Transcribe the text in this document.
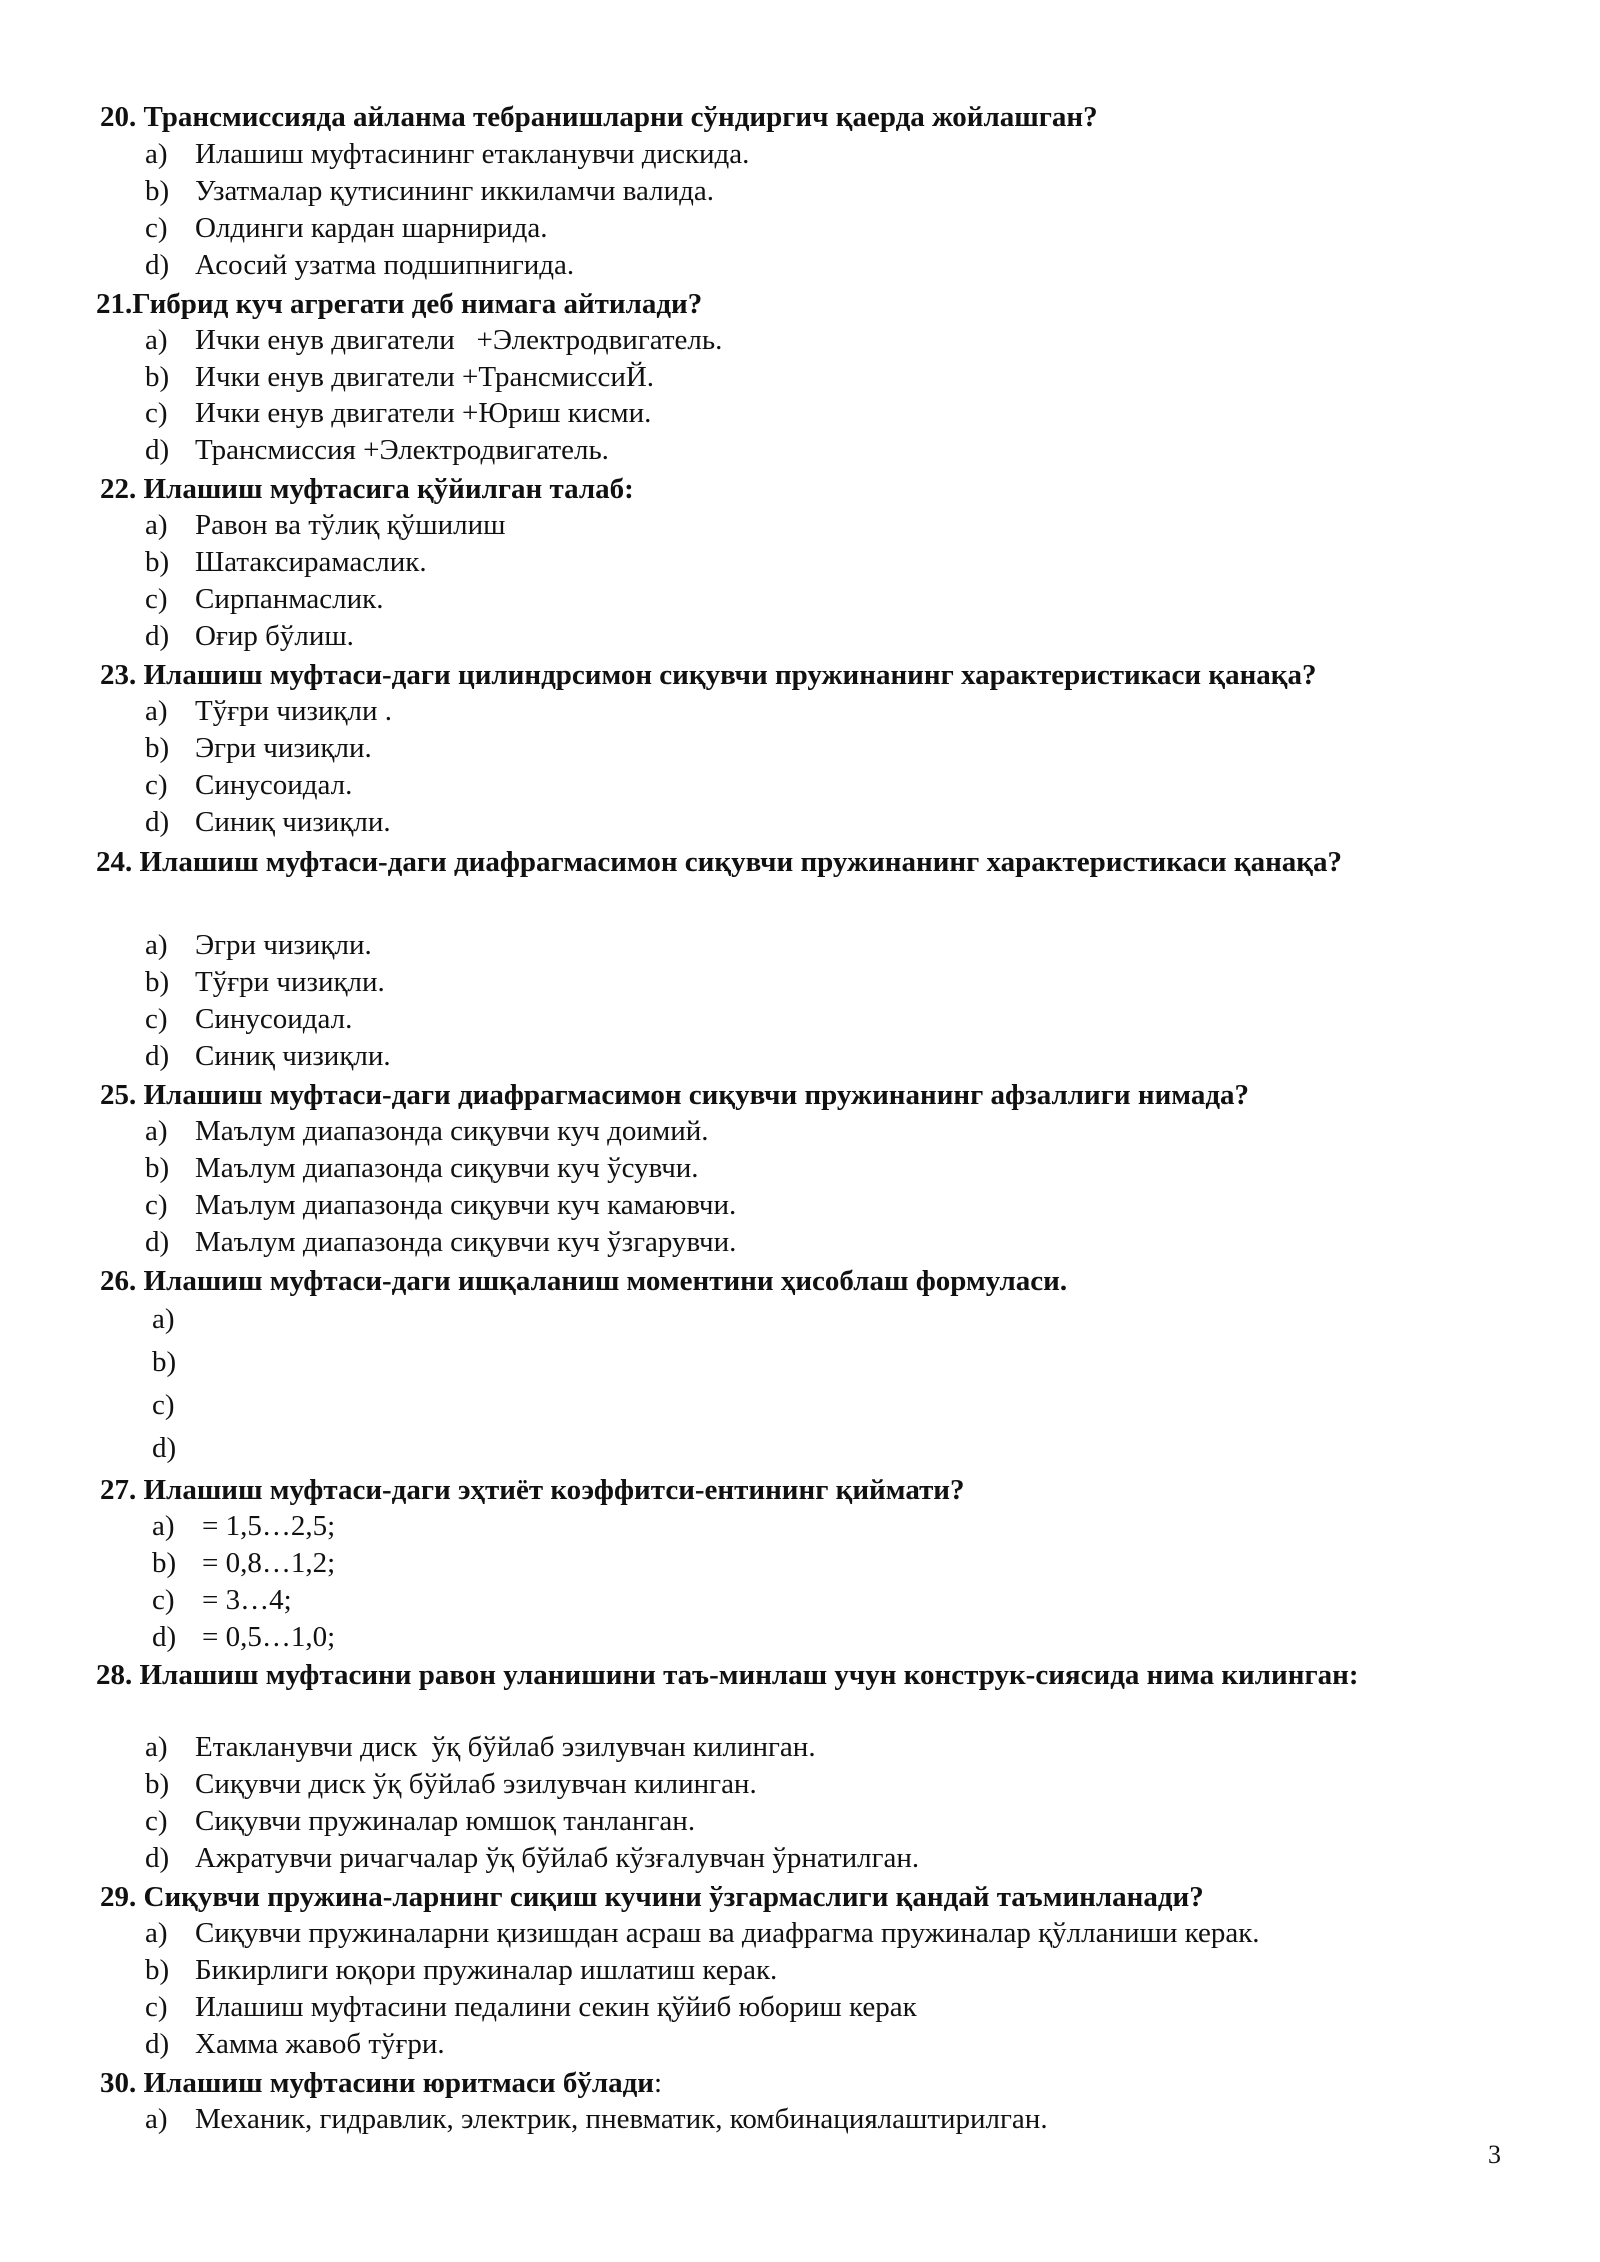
20. Трансмиссияда айланма тебранишларни сўндиргич қаерда жойлашган?
a) Илашиш муфтасининг етакланувчи дискида.
b) Узатмалар қутисининг иккиламчи валида.
c) Олдинги кардан шарнирида.
d) Асосий узатма подшипнигида.
21.Гибрид куч агрегати деб нимага айтилади?
a) Ички енув двигатели   +Электродвигатель.
b) Ички енув двигатели +ТрансмиссиЙ.
c) Ички енув двигатели +Юриш кисми.
d) Трансмиссия +Электродвигатель.
22. Илашиш муфтасига қўйилган талаб:
a) Равон ва тўлиқ қўшилиш
b) Шатаксирамаслик.
c) Сирпанмаслик.
d) Оғир бўлиш.
23. Илашиш муфтаси-даги цилиндрсимон сиқувчи пружинанинг характеристикаси қанақа?
a) Тўғри чизиқли .
b) Эгри чизиқли.
c) Синусоидал.
d) Синиқ чизиқли.
24. Илашиш муфтаси-даги диафрагмасимон сиқувчи пружинанинг характеристикаси қанақа?
a) Эгри чизиқли.
b) Тўғри чизиқли.
c) Синусоидал.
d) Синиқ чизиқли.
25. Илашиш муфтаси-даги диафрагмасимон сиқувчи пружинанинг афзаллиги нимада?
a) Маълум диапазонда сиқувчи куч доимий.
b) Маълум диапазонда сиқувчи куч ўсувчи.
c) Маълум диапазонда сиқувчи куч камаювчи.
d) Маълум диапазонда сиқувчи куч ўзгарувчи.
26. Илашиш муфтаси-даги ишқаланиш моментини ҳисоблаш формуласи.
a)
b)
c)
d)
27. Илашиш муфтаси-даги эҳтиёт коэффитси-ентининг қиймати?
a) = 1,5…2,5;
b) = 0,8…1,2;
c) = 3…4;
d) = 0,5…1,0;
28. Илашиш муфтасини равон уланишини таъ-минлаш учун конструк-сиясида нима килинган:
a) Етакланувчи диск  ўқ бўйлаб эзилувчан килинган.
b) Сиқувчи диск ўқ бўйлаб эзилувчан килинган.
c) Сиқувчи пружиналар юмшоқ танланган.
d) Ажратувчи ричагчалар ўқ бўйлаб кўзғалувчан ўрнатилган.
29. Сиқувчи пружина-ларнинг сиқиш кучини ўзгармаслиги қандай таъминланади?
a) Сиқувчи пружиналарни қизишдан асраш ва диафрагма пружиналар қўлланиши керак.
b) Бикирлиги юқори пружиналар ишлатиш керак.
c) Илашиш муфтасини педалини секин қўйиб юбориш керак
d) Хамма жавоб тўғри.
30. Илашиш муфтасини юритмаси бўлади:
a) Механик, гидравлик, электрик, пневматик, комбинациялаштирилган.
3
